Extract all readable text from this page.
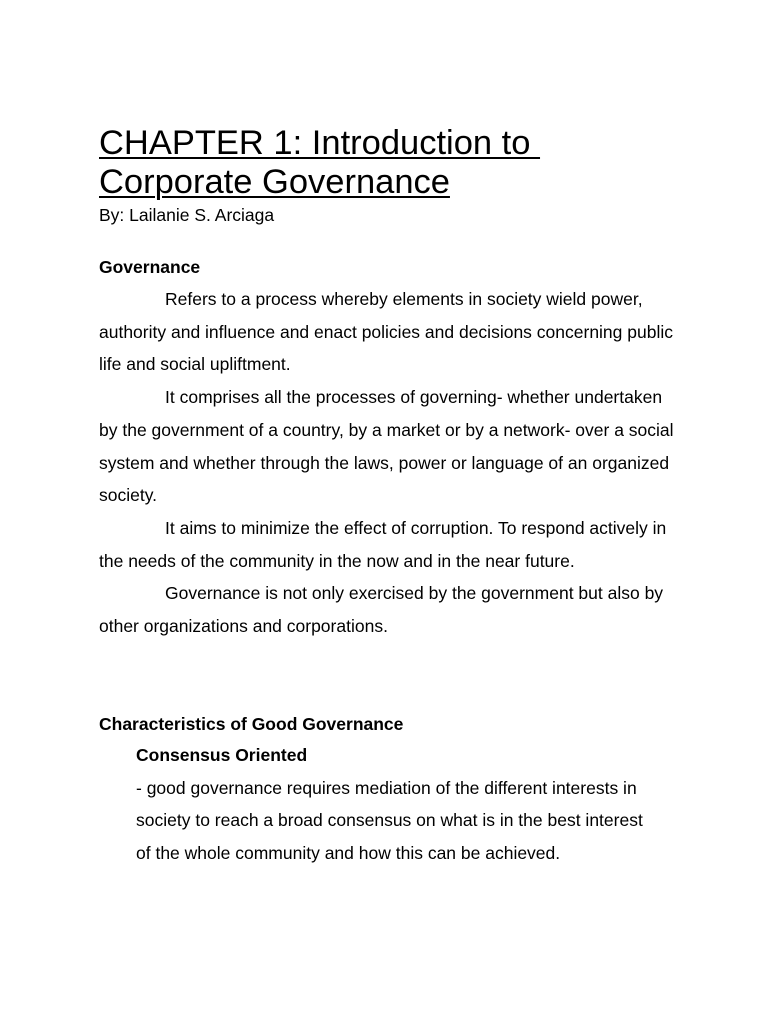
CHAPTER 1: Introduction to
Corporate Governance

By: Lailanie S. Arciaga

Governance

Refers to a process whereby elements in society wield power, authority and influence and enact policies and decisions concerning public life and social upliftment.

It comprises all the processes of governing- whether undertaken by the government of a country, by a market or by a network- over a social system and whether through the laws, power or language of an organized society.

It aims to minimize the effect of corruption. To respond actively in the needs of the community in the now and in the near future.

Governance is not only exercised by the government but also by other organizations and corporations.

Characteristics of Good Governance

Consensus Oriented

- good governance requires mediation of the different interests in society to reach a broad consensus on what is in the best interest of the whole community and how this can be achieved.
